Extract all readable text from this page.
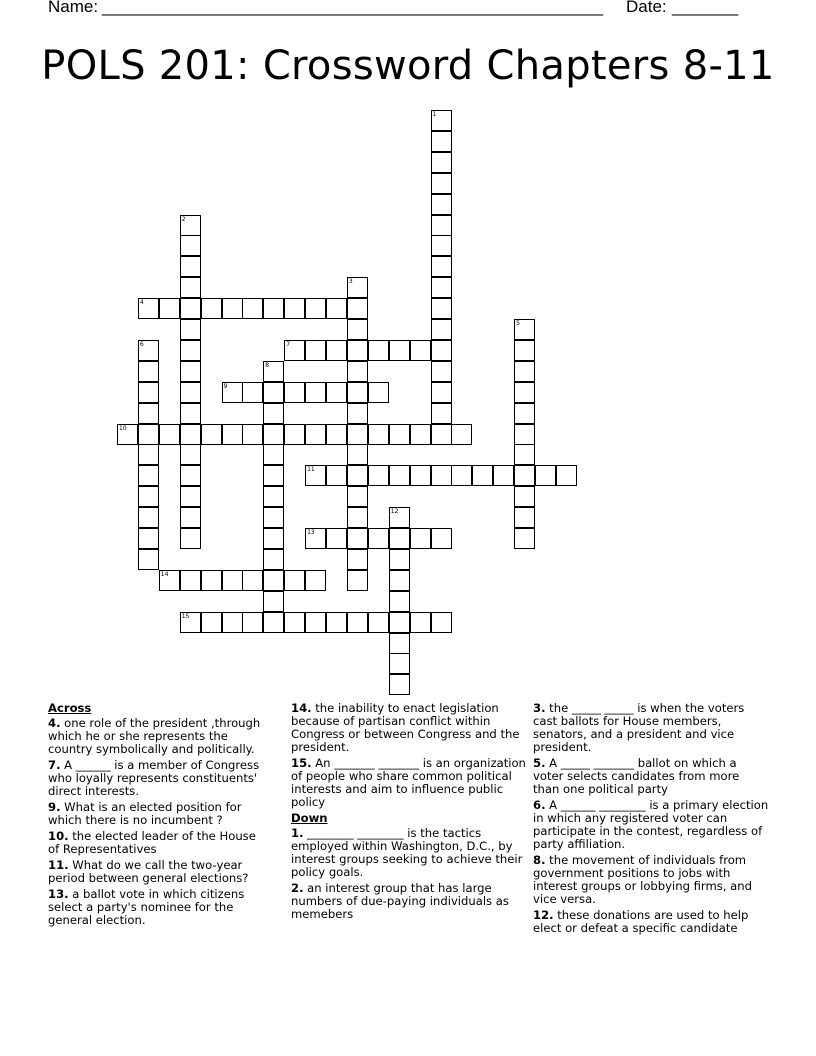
Name: _____________________________________________________ Date: _______
POLS 201: Crossword Chapters 8-11
1
2
3
4
5
6	7
8
9
10
11
12
13
14
15
Across
4. one role of the president ,through which he or she represents the country symbolically and politically.
7. A ______ is a member of Congress who loyally represents constituents' direct interests.
9. What is an elected position for which there is no incumbent ?
10. the elected leader of the House of Representatives
11. What do we call the two-year period between general elections?
13. a ballot vote in which citizens select a party's nominee for the general election.
14. the inability to enact legislation because of partisan conflict within Congress or between Congress and the president.
15. An _______ _______ is an organization of people who share common political interests and aim to influence public policy
Down
1. ________ ________ is the tactics employed within Washington, D.C., by interest groups seeking to achieve their policy goals.
2. an interest group that has large numbers of due-paying individuals as memebers
3. the _____ _____ is when the voters cast ballots for House members, senators, and a president and vice president.
5. A _____ _______ ballot on which a voter selects candidates from more than one political party
6. A ______ ________ is a primary election in which any registered voter can participate in the contest, regardless of party affiliation.
8. the movement of individuals from government positions to jobs with interest groups or lobbying firms, and vice versa.
12. these donations are used to help elect or defeat a specific candidate
